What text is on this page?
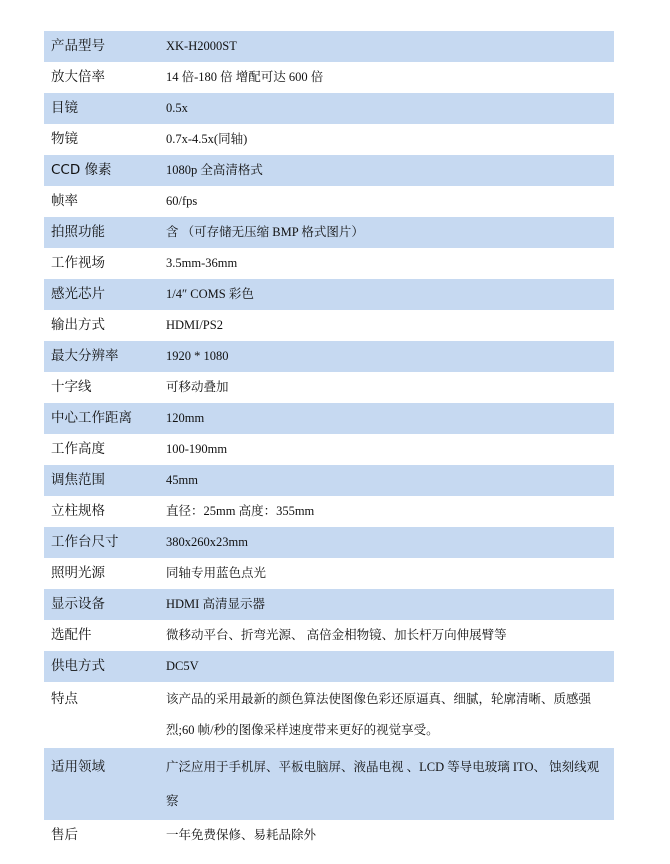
产品型号	XK-H2000ST
放大倍率	14 倍-180 倍 增配可达 600 倍
目镜	0.5x
物镜	0.7x-4.5x(同轴)
CCD 像素	1080p 全高清格式
帧率	60/fps
拍照功能	含 （可存储无压缩 BMP 格式图片）
工作视场	3.5mm-36mm
感光芯片	1/4″ COMS 彩色
输出方式	HDMI/PS2
最大分辨率	1920 * 1080
十字线	可移动叠加
中心工作距离	120mm
工作高度	100-190mm
调焦范围	45mm
立柱规格	直径：25mm 高度：355mm
工作台尺寸	380x260x23mm
照明光源	同轴专用蓝色点光
显示设备	HDMI 高清显示器
选配件	微移动平台、折弯光源、 高倍金相物镜、加长杆万向伸展臂等
供电方式	DC5V
特点	该产品的采用最新的颜色算法使图像色彩还原逼真、细腻，轮廓清晰、质感强烈;60 帧/秒的图像采样速度带来更好的视觉享受。
适用领域	广泛应用于手机屏、平板电脑屏、液晶电视 、LCD 等导电玻璃 ITO、 蚀刻线观察
售后	一年免费保修、易耗品除外
